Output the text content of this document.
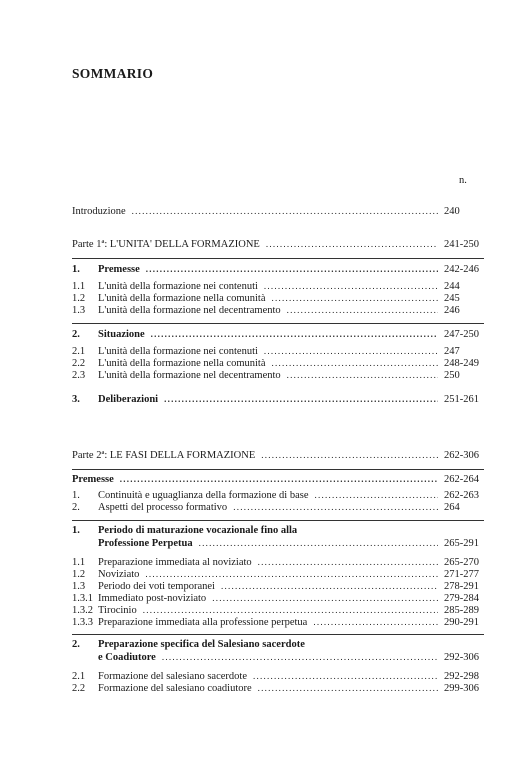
SOMMARIO
n.
Introduzione . . .	240
Parte 1ª: L'UNITA' DELLA FORMAZIONE . . .	241-250
1.	Premesse . . .	242-246
1.1	L'unità della formazione nei contenuti . . .	244
1.2	L'unità della formazione nella comunità . . .	245
1.3	L'unità della formazione nel decentramento . . .	246
2.	Situazione . . .	247-250
2.1	L'unità della formazione nei contenuti . . .	247
2.2	L'unità della formazione nella comunità . . .	248-249
2.3	L'unità della formazione nel decentramento . . .	250
3.	Deliberazioni . . .	251-261
Parte 2ª: LE FASI DELLA FORMAZIONE . . .	262-306
Premesse . . .	262-264
1.	Continuità e uguaglianza della formazione di base . . .	262-263
2.	Aspetti del processo formativo . . .	264
1.	Periodo di maturazione vocazionale fino alla
Professione Perpetua . . .	265-291
1.1	Preparazione immediata al noviziato . . .	265-270
1.2	Noviziato . . .	271-277
1.3	Periodo dei voti temporanei . . .	278-291
1.3.1 Immediato post-noviziato . . .	279-284
1.3.2 Tirocinio . . .	285-289
1.3.3 Preparazione immediata alla professione perpetua . . .	290-291
2.	Preparazione specifica del Salesiano sacerdote
e Coadiutore . . .	292-306
2.1	Formazione del salesiano sacerdote . . .	292-298
2.2	Formazione del salesiano coadiutore . . .	299-306
